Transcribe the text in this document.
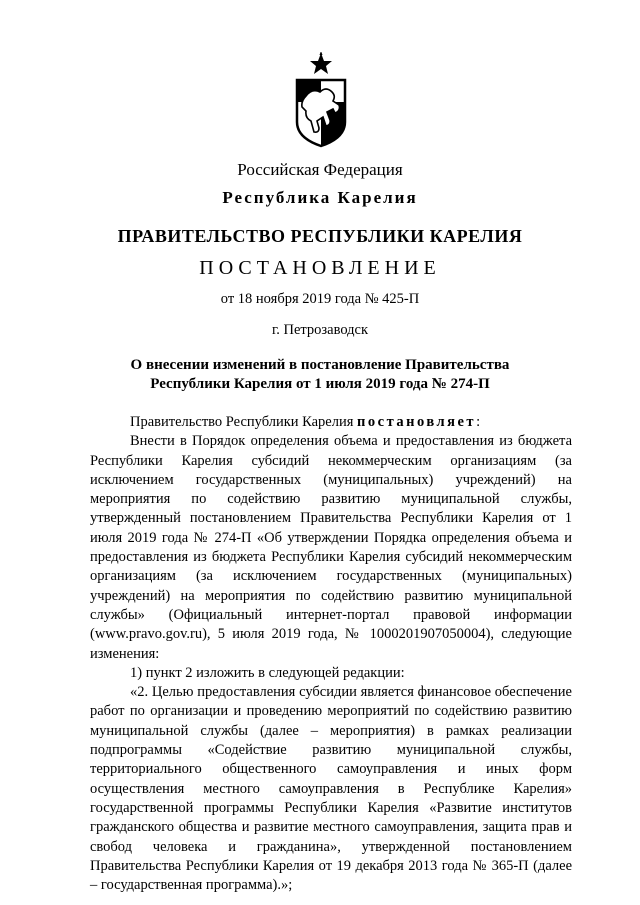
Российская Федерация
Республика Карелия
ПРАВИТЕЛЬСТВО РЕСПУБЛИКИ КАРЕЛИЯ
ПОСТАНОВЛЕНИЕ
от 18 ноября 2019 года № 425-П
г. Петрозаводск
О внесении изменений в постановление Правительства
Республики Карелия от 1 июля 2019 года № 274-П

Правительство Республики Карелия постановляет:

Внести в Порядок определения объема и предоставления из бюджета Республики Карелия субсидий некоммерческим организациям (за исключением государственных (муниципальных) учреждений) на мероприятия по содействию развитию муниципальной службы, утвержденный постановлением Правительства Республики Карелия от 1 июля 2019 года № 274-П «Об утверждении Порядка определения объема и предоставления из бюджета Республики Карелия субсидий некоммерческим организациям (за исключением государственных (муниципальных) учреждений) на мероприятия по содействию развитию муниципальной службы» (Официальный интернет-портал правовой информации (www.pravo.gov.ru), 5 июля 2019 года, № 1000201907050004), следующие изменения:

1) пункт 2 изложить в следующей редакции:

«2. Целью предоставления субсидии является финансовое обеспечение работ по организации и проведению мероприятий по содействию развитию муниципальной службы (далее – мероприятия) в рамках реализации подпрограммы «Содействие развитию муниципальной службы, территориального общественного самоуправления и иных форм осуществления местного самоуправления в Республике Карелия» государственной программы Республики Карелия «Развитие институтов гражданского общества и развитие местного самоуправления, защита прав и свобод человека и гражданина», утвержденной постановлением Правительства Республики Карелия от 19 декабря 2013 года № 365-П (далее – государственная программа).»;
